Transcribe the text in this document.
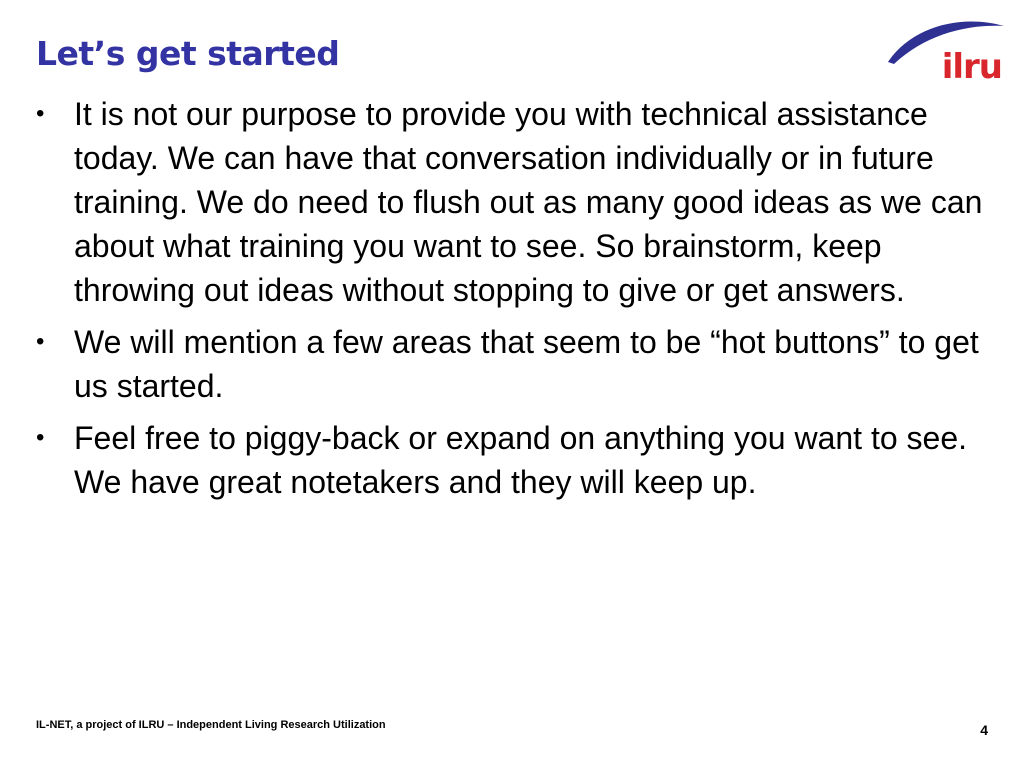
Let’s get started	ilru
• It is not our purpose to provide you with technical assistance today. We can have that conversation individually or in future training. We do need to flush out as many good ideas as we can about what training you want to see. So brainstorm, keep throwing out ideas without stopping to give or get answers.
• We will mention a few areas that seem to be “hot buttons” to get us started.
• Feel free to piggy-back or expand on anything you want to see. We have great notetakers and they will keep up.
IL-NET, a project of ILRU – Independent Living Research Utilization	4
